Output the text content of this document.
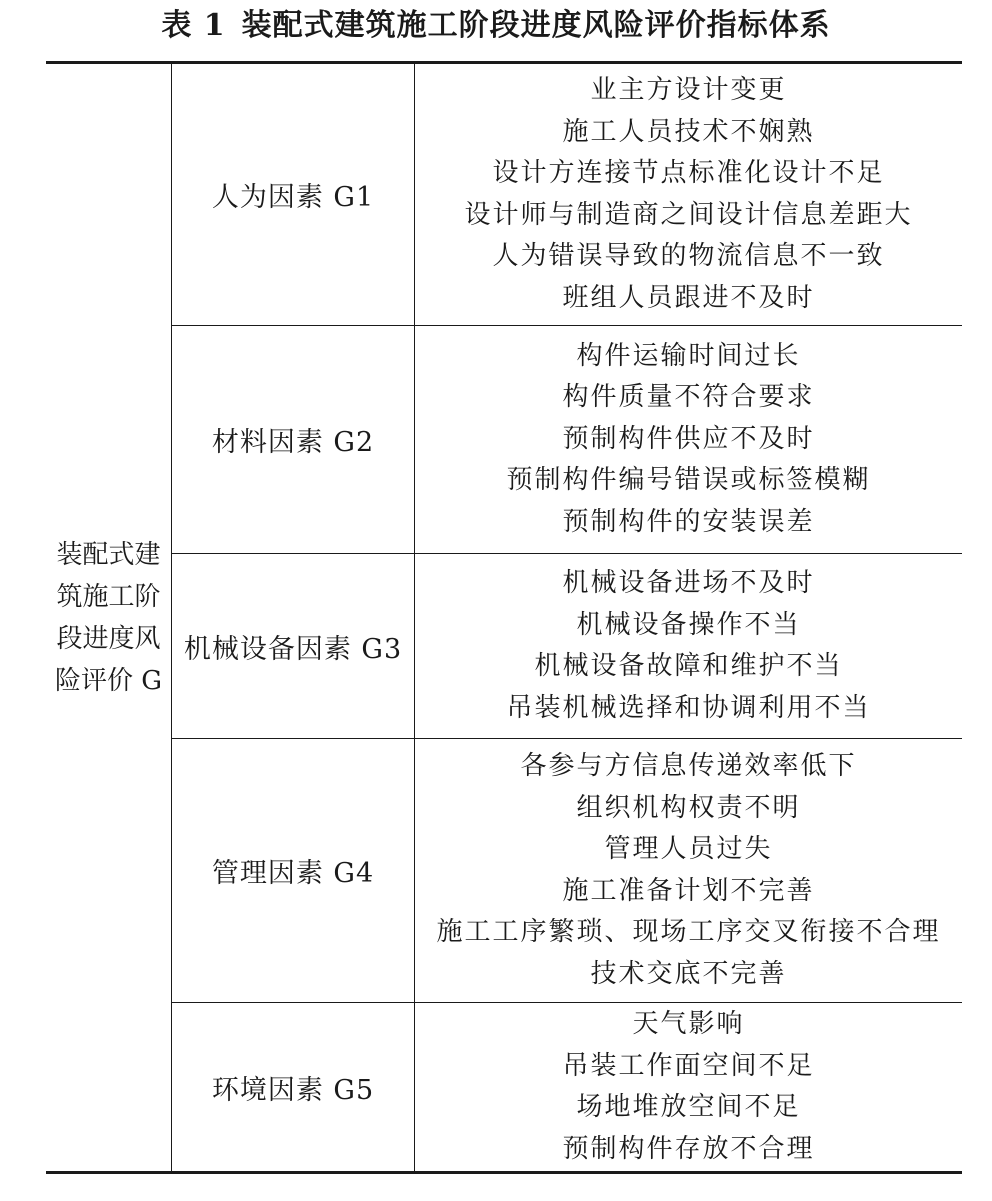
表 1 装配式建筑施工阶段进度风险评价指标体系
装配式建筑施工阶段进度风险评价 G
人为因素 G1
业主方设计变更
施工人员技术不娴熟
设计方连接节点标准化设计不足
设计师与制造商之间设计信息差距大
人为错误导致的物流信息不一致
班组人员跟进不及时
材料因素 G2
构件运输时间过长
构件质量不符合要求
预制构件供应不及时
预制构件编号错误或标签模糊
预制构件的安装误差
机械设备因素 G3
机械设备进场不及时
机械设备操作不当
机械设备故障和维护不当
吊装机械选择和协调利用不当
管理因素 G4
各参与方信息传递效率低下
组织机构权责不明
管理人员过失
施工准备计划不完善
施工工序繁琐、现场工序交叉衔接不合理
技术交底不完善
环境因素 G5
天气影响
吊装工作面空间不足
场地堆放空间不足
预制构件存放不合理
